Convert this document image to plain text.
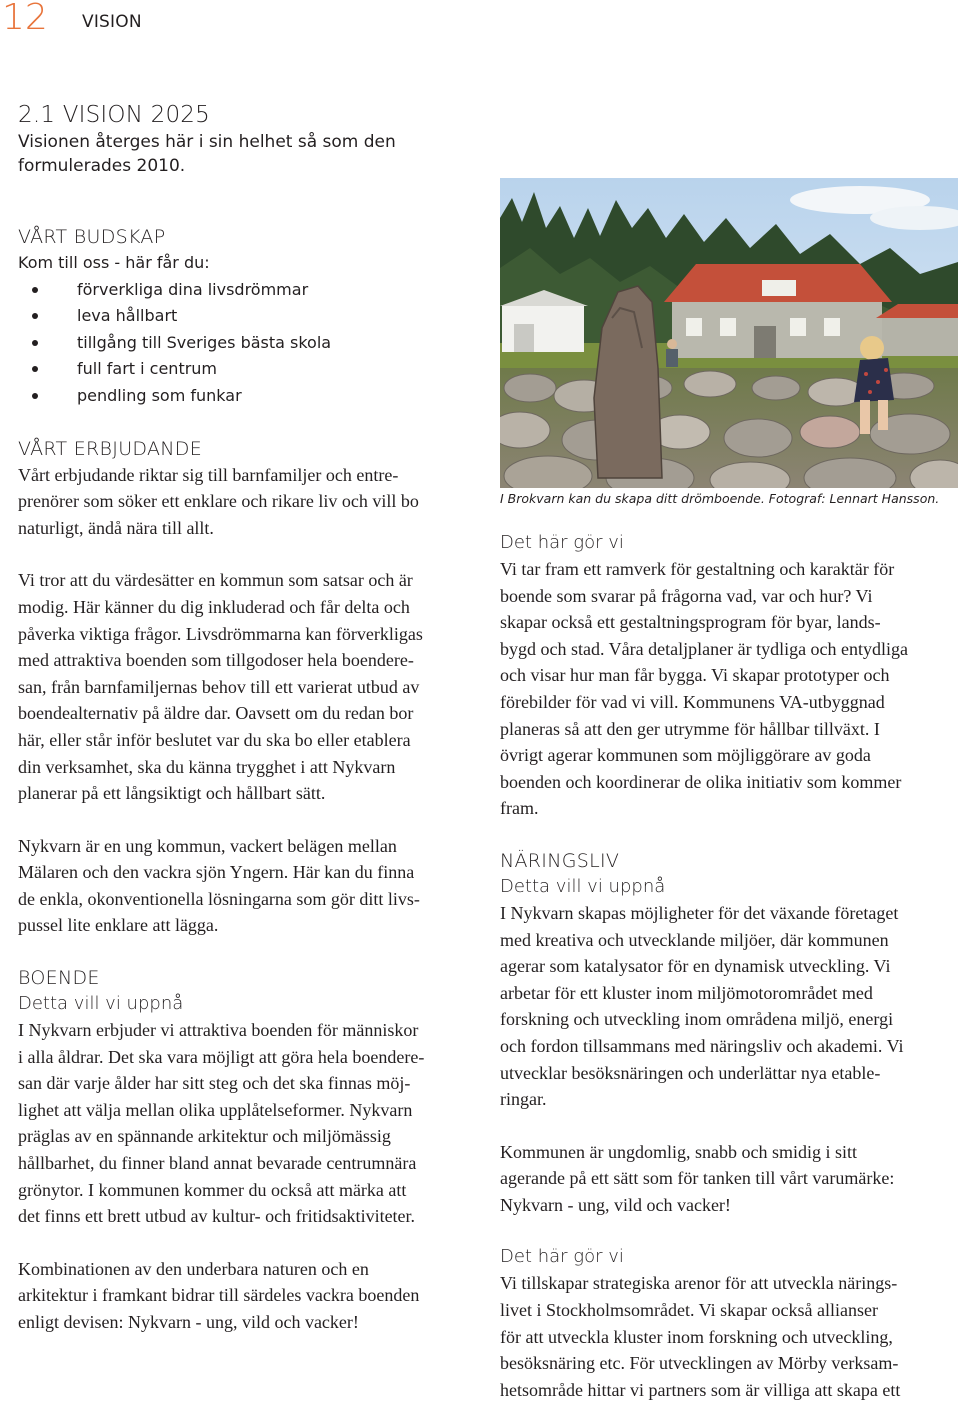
12 VISION
2.1 VISION 2025

Visionen återges här i sin helhet så som den formulerades 2010.

VÅRT BUDSKAP

Kom till oss - här får du:

förverkliga dina livsdrömmar
leva hållbart
tillgång till Sveriges bästa skola
full fart i centrum
pendling som funkar
VÅRT ERBJUDANDE

Vårt erbjudande riktar sig till barnfamiljer och entre-
prenörer som söker ett enklare och rikare liv och vill bo
naturligt, ändå nära till allt.

Vi tror att du värdesätter en kommun som satsar och är
modig. Här känner du dig inkluderad och får delta och
påverka viktiga frågor. Livsdrömmarna kan förverkligas
med attraktiva boenden som tillgodoser hela boendere-
san, från barnfamiljernas behov till ett varierat utbud av
boendealternativ på äldre dar. Oavsett om du redan bor
här, eller står inför beslutet var du ska bo eller etablera
din verksamhet, ska du känna trygghet i att Nykvarn
planerar på ett långsiktigt och hållbart sätt.

Nykvarn är en ung kommun, vackert belägen mellan
Mälaren och den vackra sjön Yngern. Här kan du finna
de enkla, okonventionella lösningarna som gör ditt livs-
pussel lite enklare att lägga.

BOENDE
Detta vill vi uppnå

I Nykvarn erbjuder vi attraktiva boenden för människor
i alla åldrar. Det ska vara möjligt att göra hela boendere-
san där varje ålder har sitt steg och det ska finnas möj-
lighet att välja mellan olika upplåtelseformer. Nykvarn
präglas av en spännande arkitektur och miljömässig
hållbarhet, du finner bland annat bevarade centrumnära
grönytor. I kommunen kommer du också att märka att
det finns ett brett utbud av kultur- och fritidsaktiviteter.

Kombinationen av den underbara naturen och en
arkitektur i framkant bidrar till särdeles vackra boenden
enligt devisen: Nykvarn - ung, vild och vacker!

I Brokvarn kan du skapa ditt drömboende. Fotograf: Lennart Hansson.

Det här gör vi

Vi tar fram ett ramverk för gestaltning och karaktär för
boende som svarar på frågorna vad, var och hur? Vi
skapar också ett gestaltningsprogram för byar, lands-
bygd och stad. Våra detaljplaner är tydliga och entydliga
och visar hur man får bygga. Vi skapar prototyper och
förebilder för vad vi vill. Kommunens VA-utbyggnad
planeras så att den ger utrymme för hållbar tillväxt. I
övrigt agerar kommunen som möjliggörare av goda
boenden och koordinerar de olika initiativ som kommer
fram.

NÄRINGSLIV
Detta vill vi uppnå

I Nykvarn skapas möjligheter för det växande företaget
med kreativa och utvecklande miljöer, där kommunen
agerar som katalysator för en dynamisk utveckling. Vi
arbetar för ett kluster inom miljömotorområdet med
forskning och utveckling inom områdena miljö, energi
och fordon tillsammans med näringsliv och akademi. Vi
utvecklar besöksnäringen och underlättar nya etable-
ringar.

Kommunen är ungdomlig, snabb och smidig i sitt
agerande på ett sätt som för tanken till vårt varumärke:
Nykvarn - ung, vild och vacker!

Det här gör vi

Vi tillskapar strategiska arenor för att utveckla närings-
livet i Stockholmsområdet. Vi skapar också allianser
för att utveckla kluster inom forskning och utveckling,
besöksnäring etc. För utvecklingen av Mörby verksam-
hetsområde hittar vi partners som är villiga att skapa ett
